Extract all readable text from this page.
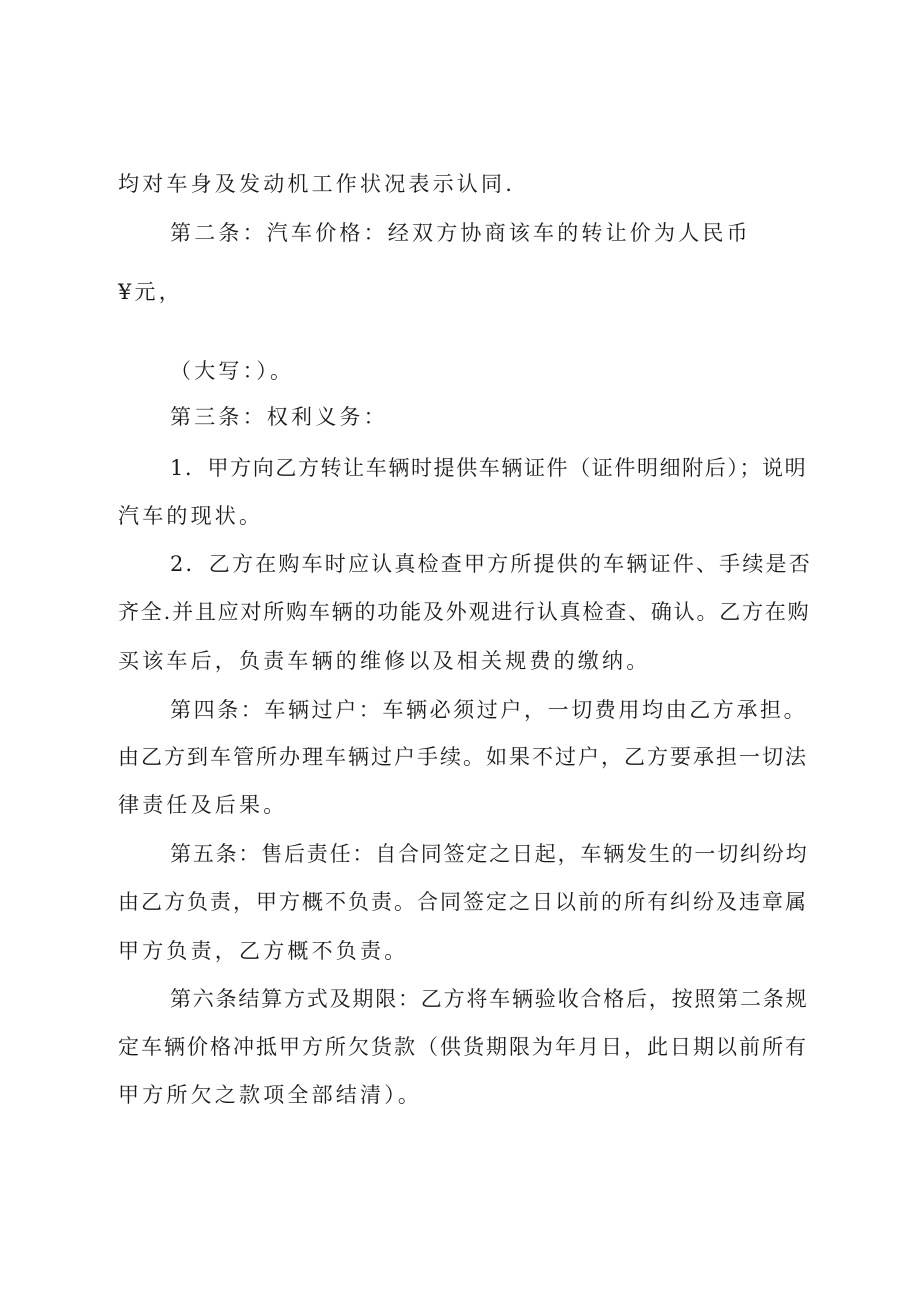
均对车身及发动机工作状况表示认同.
第二条：汽车价格：经双方协商该车的转让价为人民币
¥元，
（大写：）。
第三条：权利义务：
1．甲方向乙方转让车辆时提供车辆证件（证件明细附后）；说明
汽车的现状。
2．乙方在购车时应认真检查甲方所提供的车辆证件、手续是否
齐全.并且应对所购车辆的功能及外观进行认真检查、确认。乙方在购
买该车后，负责车辆的维修以及相关规费的缴纳。
第四条：车辆过户：车辆必须过户，一切费用均由乙方承担。
由乙方到车管所办理车辆过户手续。如果不过户，乙方要承担一切法
律责任及后果。
第五条：售后责任：自合同签定之日起，车辆发生的一切纠纷均
由乙方负责，甲方概不负责。合同签定之日以前的所有纠纷及违章属
甲方负责，乙方概不负责。
第六条结算方式及期限：乙方将车辆验收合格后，按照第二条规
定车辆价格冲抵甲方所欠货款（供货期限为年月日，此日期以前所有
甲方所欠之款项全部结清）。
